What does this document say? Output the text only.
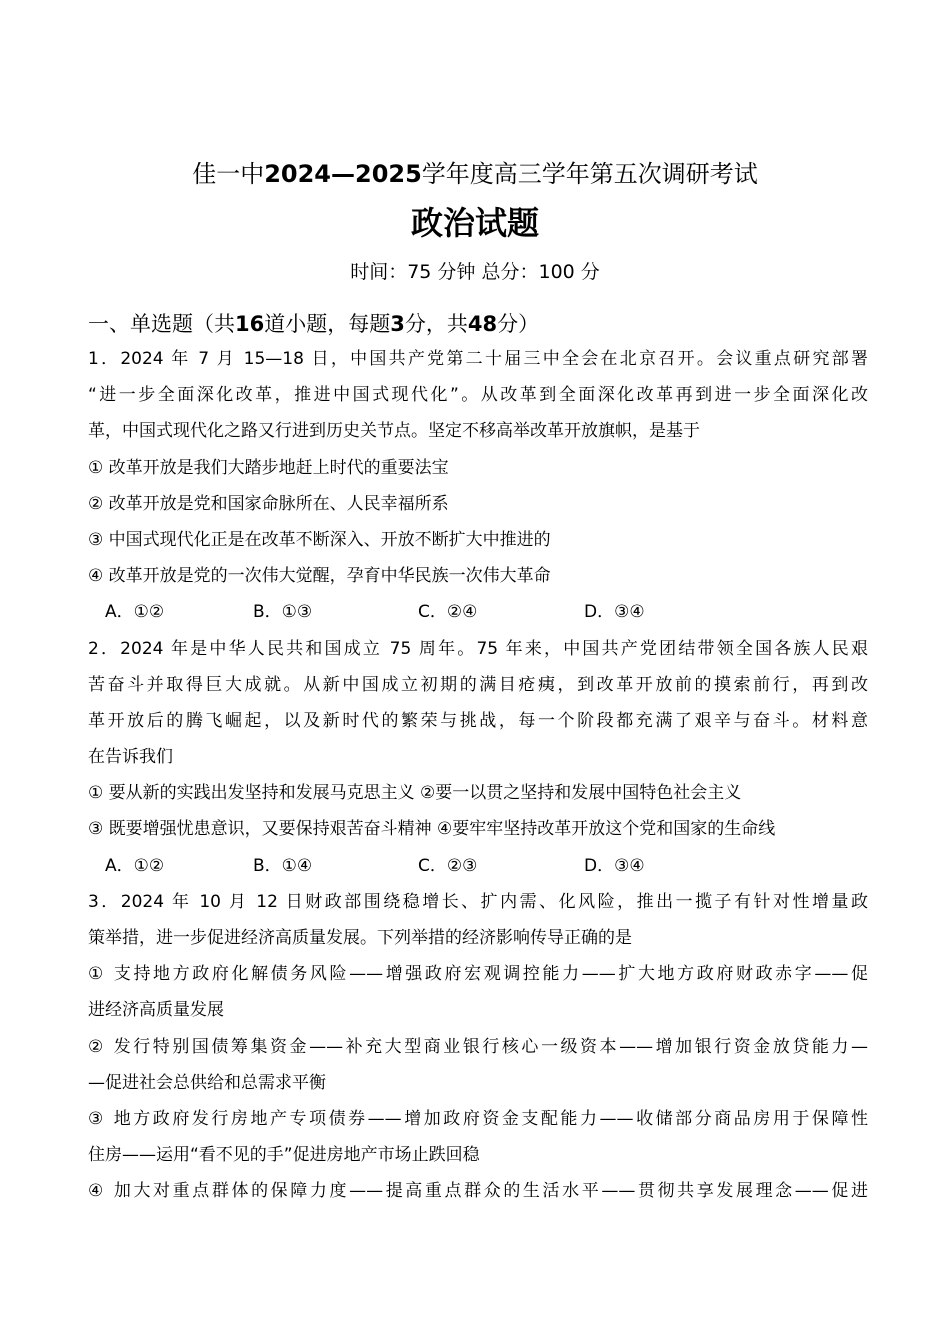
佳一中2024—2025学年度高三学年第五次调研考试
政治试题
时间：75 分钟 总分：100 分
一、单选题（共16道小题，每题3分，共48分）
1．2024 年 7 月 15—18 日，中国共产党第二十届三中全会在北京召开。会议重点研究部署
“进一步全面深化改革，推进中国式现代化”。从改革到全面深化改革再到进一步全面深化改
革，中国式现代化之路又行进到历史关节点。坚定不移高举改革开放旗帜，是基于
① 改革开放是我们大踏步地赶上时代的重要法宝
② 改革开放是党和国家命脉所在、人民幸福所系
③ 中国式现代化正是在改革不断深入、开放不断扩大中推进的
④ 改革开放是党的一次伟大觉醒，孕育中华民族一次伟大革命
A．①②	B．①③	C．②④	D．③④
2．2024 年是中华人民共和国成立 75 周年。75 年来，中国共产党团结带领全国各族人民艰
苦奋斗并取得巨大成就。从新中国成立初期的满目疮痍，到改革开放前的摸索前行，再到改
革开放后的腾飞崛起，以及新时代的繁荣与挑战，每一个阶段都充满了艰辛与奋斗。材料意
在告诉我们
① 要从新的实践出发坚持和发展马克思主义 ②要一以贯之坚持和发展中国特色社会主义
③ 既要增强忧患意识，又要保持艰苦奋斗精神 ④要牢牢坚持改革开放这个党和国家的生命线
A．①②	B．①④	C．②③	D．③④
3．2024 年 10 月 12 日财政部围绕稳增长、扩内需、化风险，推出一揽子有针对性增量政
策举措，进一步促进经济高质量发展。下列举措的经济影响传导正确的是
① 支持地方政府化解债务风险——增强政府宏观调控能力——扩大地方政府财政赤字——促
进经济高质量发展
② 发行特别国债筹集资金——补充大型商业银行核心一级资本——增加银行资金放贷能力—
—促进社会总供给和总需求平衡
③ 地方政府发行房地产专项债券——增加政府资金支配能力——收储部分商品房用于保障性
住房——运用“看不见的手”促进房地产市场止跌回稳
④ 加大对重点群体的保障力度——提高重点群众的生活水平——贯彻共享发展理念——促进
